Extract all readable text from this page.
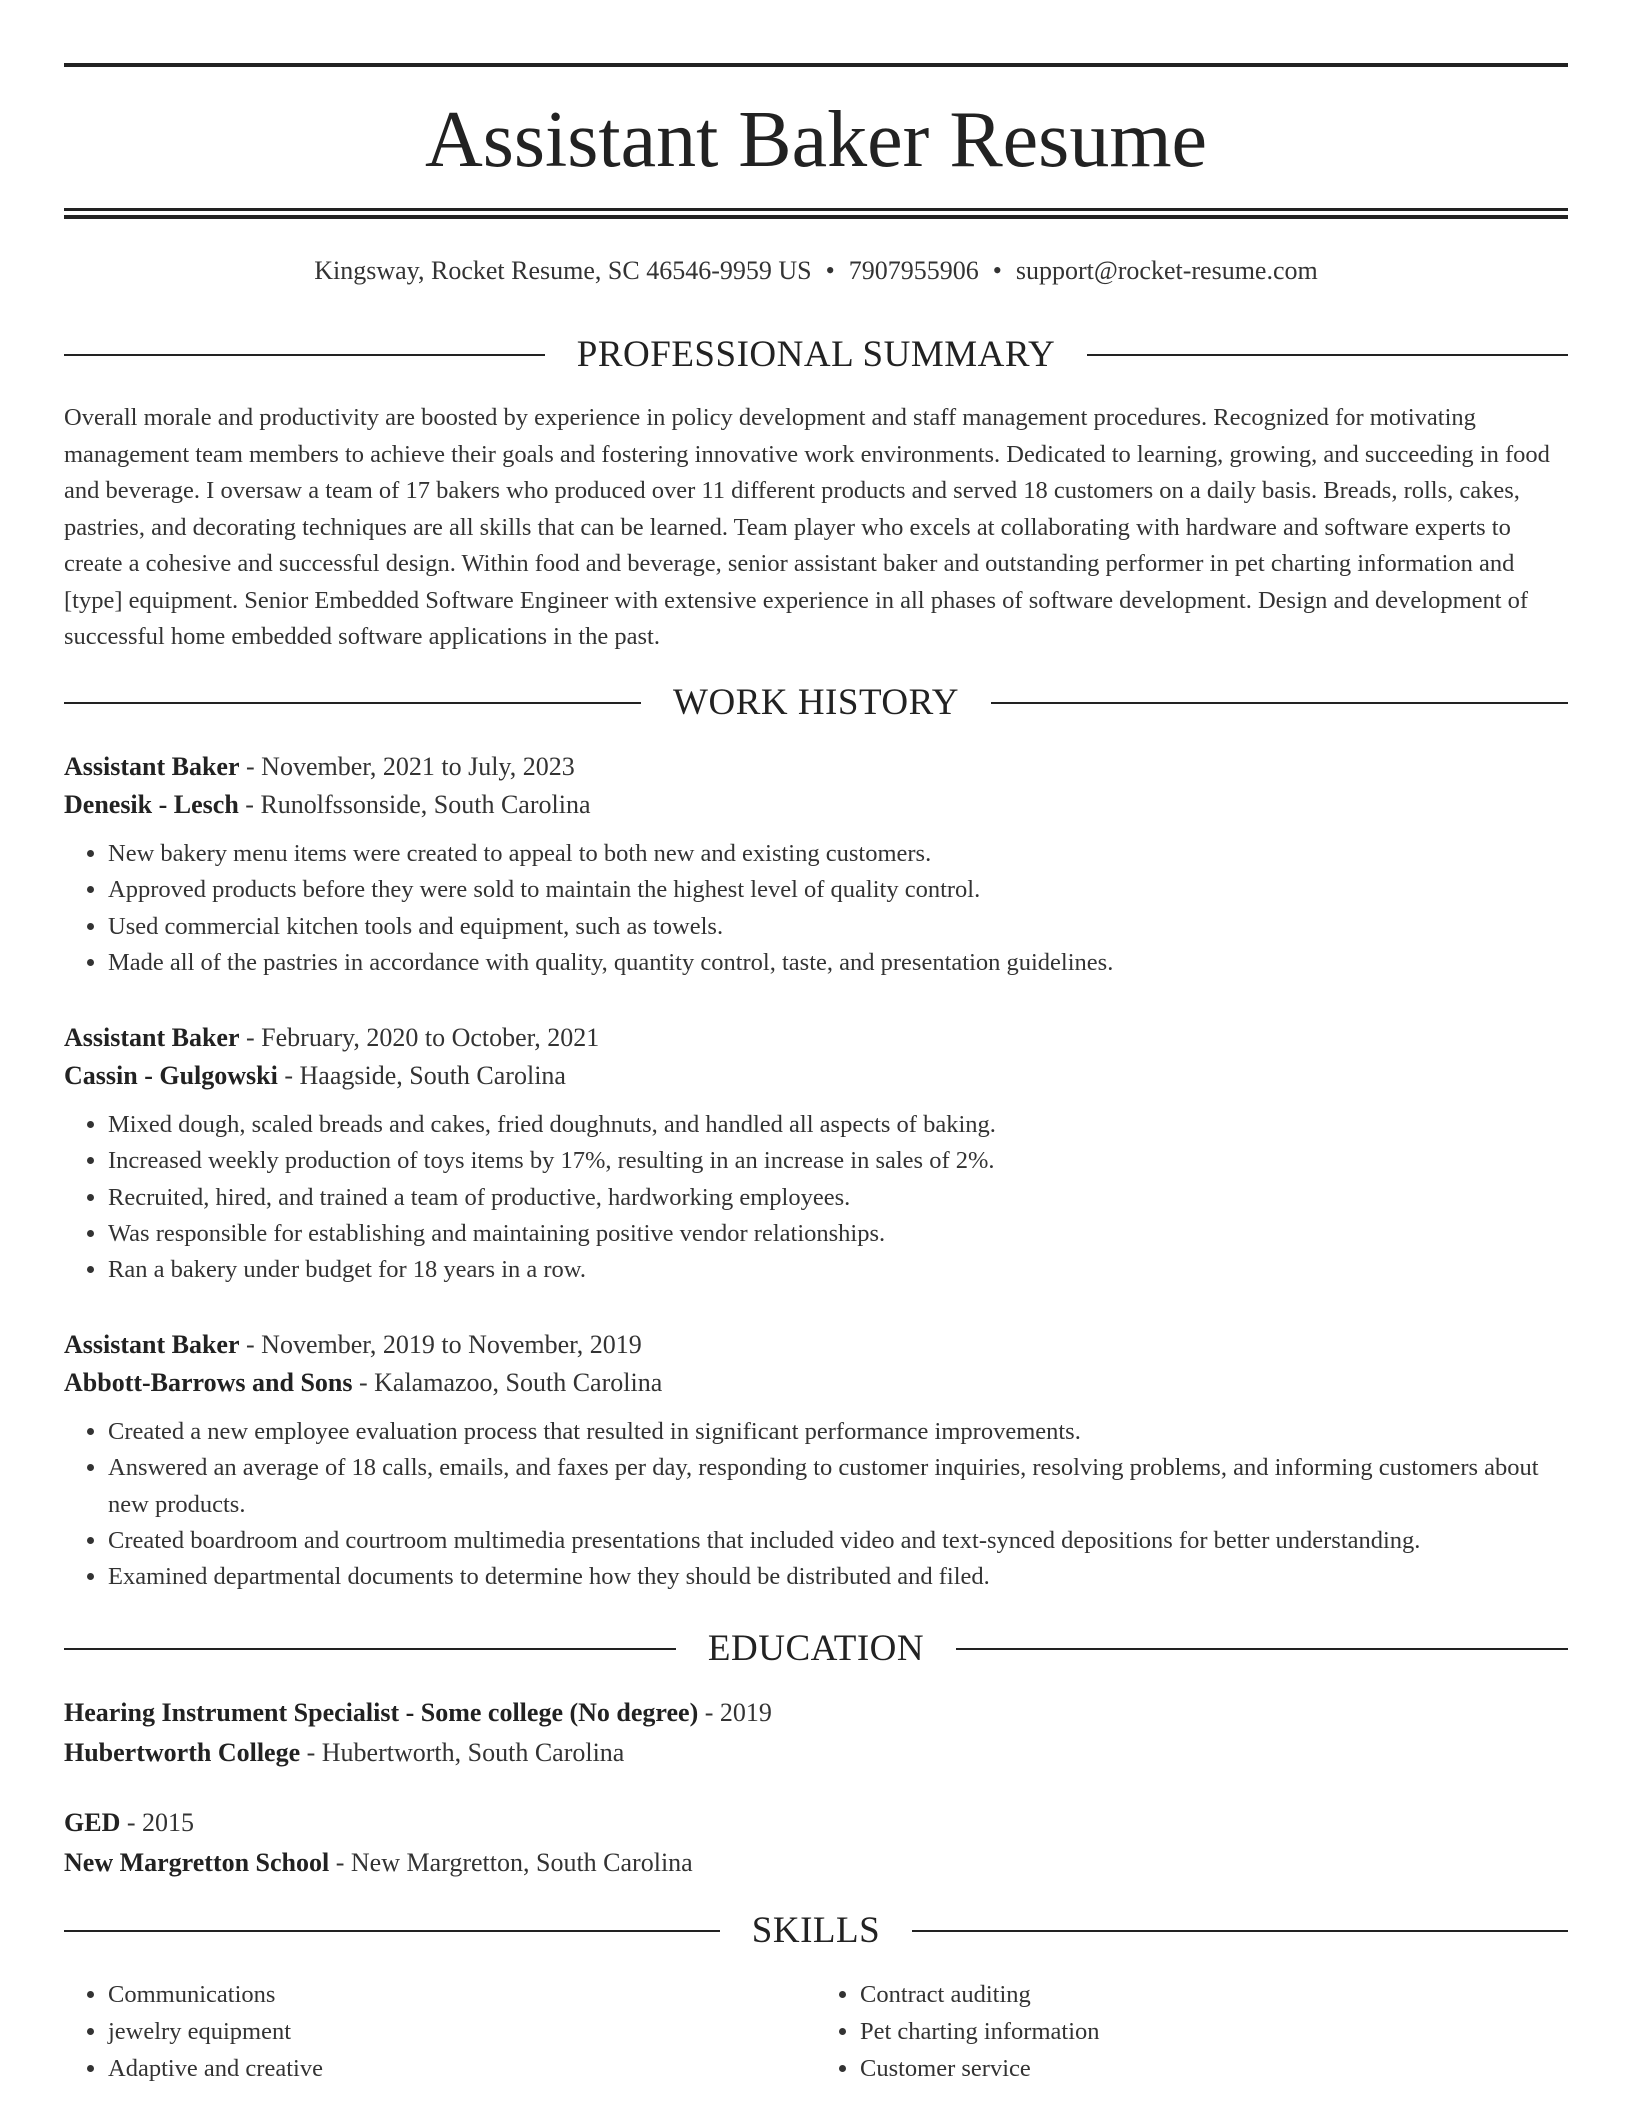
Assistant Baker Resume
Kingsway, Rocket Resume, SC 46546-9959 US • 7907955906 • support@rocket-resume.com
PROFESSIONAL SUMMARY

Overall morale and productivity are boosted by experience in policy development and staff management procedures. Recognized for motivating management team members to achieve their goals and fostering innovative work environments. Dedicated to learning, growing, and succeeding in food and beverage. I oversaw a team of 17 bakers who produced over 11 different products and served 18 customers on a daily basis. Breads, rolls, cakes, pastries, and decorating techniques are all skills that can be learned. Team player who excels at collaborating with hardware and software experts to create a cohesive and successful design. Within food and beverage, senior assistant baker and outstanding performer in pet charting information and [type] equipment. Senior Embedded Software Engineer with extensive experience in all phases of software development. Design and development of successful home embedded software applications in the past.

WORK HISTORY

Assistant Baker - November, 2021 to July, 2023

Denesik - Lesch - Runolfssonside, South Carolina

• New bakery menu items were created to appeal to both new and existing customers.
• Approved products before they were sold to maintain the highest level of quality control.
• Used commercial kitchen tools and equipment, such as towels.
• Made all of the pastries in accordance with quality, quantity control, taste, and presentation guidelines.

Assistant Baker - February, 2020 to October, 2021

Cassin - Gulgowski - Haagside, South Carolina

• Mixed dough, scaled breads and cakes, fried doughnuts, and handled all aspects of baking.
• Increased weekly production of toys items by 17%, resulting in an increase in sales of 2%.
• Recruited, hired, and trained a team of productive, hardworking employees.
• Was responsible for establishing and maintaining positive vendor relationships.
• Ran a bakery under budget for 18 years in a row.

Assistant Baker - November, 2019 to November, 2019

Abbott-Barrows and Sons - Kalamazoo, South Carolina

• Created a new employee evaluation process that resulted in significant performance improvements.
• Answered an average of 18 calls, emails, and faxes per day, responding to customer inquiries, resolving problems, and informing customers about new products.
• Created boardroom and courtroom multimedia presentations that included video and text-synced depositions for better understanding.
• Examined departmental documents to determine how they should be distributed and filed.
EDUCATION

Hearing Instrument Specialist - Some college (No degree) - 2019

Hubertworth College - Hubertworth, South Carolina

GED - 2015

New Margretton School - New Margretton, South Carolina

SKILLS
• Communications
• jewelry equipment
• Adaptive and creative
• Contract auditing
• Pet charting information
• Customer service
